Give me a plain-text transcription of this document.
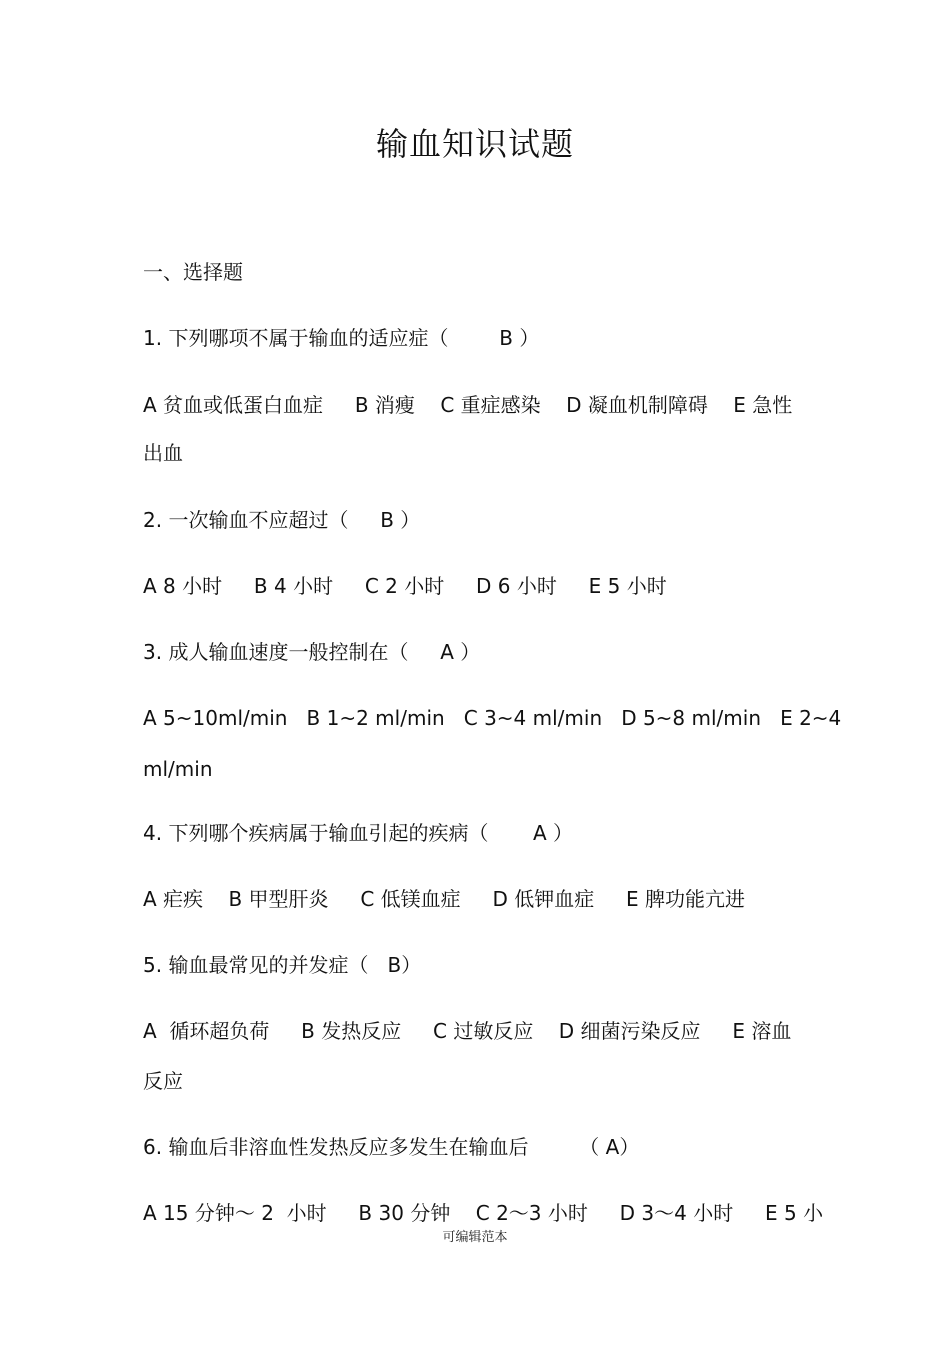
输血知识试题
一、选择题
1. 下列哪项不属于输血的适应症（        B ）
A 贫血或低蛋白血症     B 消瘦    C 重症感染    D 凝血机制障碍    E 急性
出血
2. 一次输血不应超过（     B ）
A 8 小时     B 4 小时     C 2 小时     D 6 小时     E 5 小时
3. 成人输血速度一般控制在（     A ）
A 5~10ml/min   B 1~2 ml/min   C 3~4 ml/min   D 5~8 ml/min   E 2~4
ml/min
4. 下列哪个疾病属于输血引起的疾病（       A ）
A 疟疾    B 甲型肝炎     C 低镁血症     D 低钾血症     E 脾功能亢进
5. 输血最常见的并发症（   B）
A  循环超负荷     B 发热反应     C 过敏反应    D 细菌污染反应     E 溶血
反应
6. 输血后非溶血性发热反应多发生在输血后        （ A）
A 15 分钟～ 2  小时     B 30 分钟    C 2～3 小时     D 3～4 小时     E 5 小
可编辑范本
